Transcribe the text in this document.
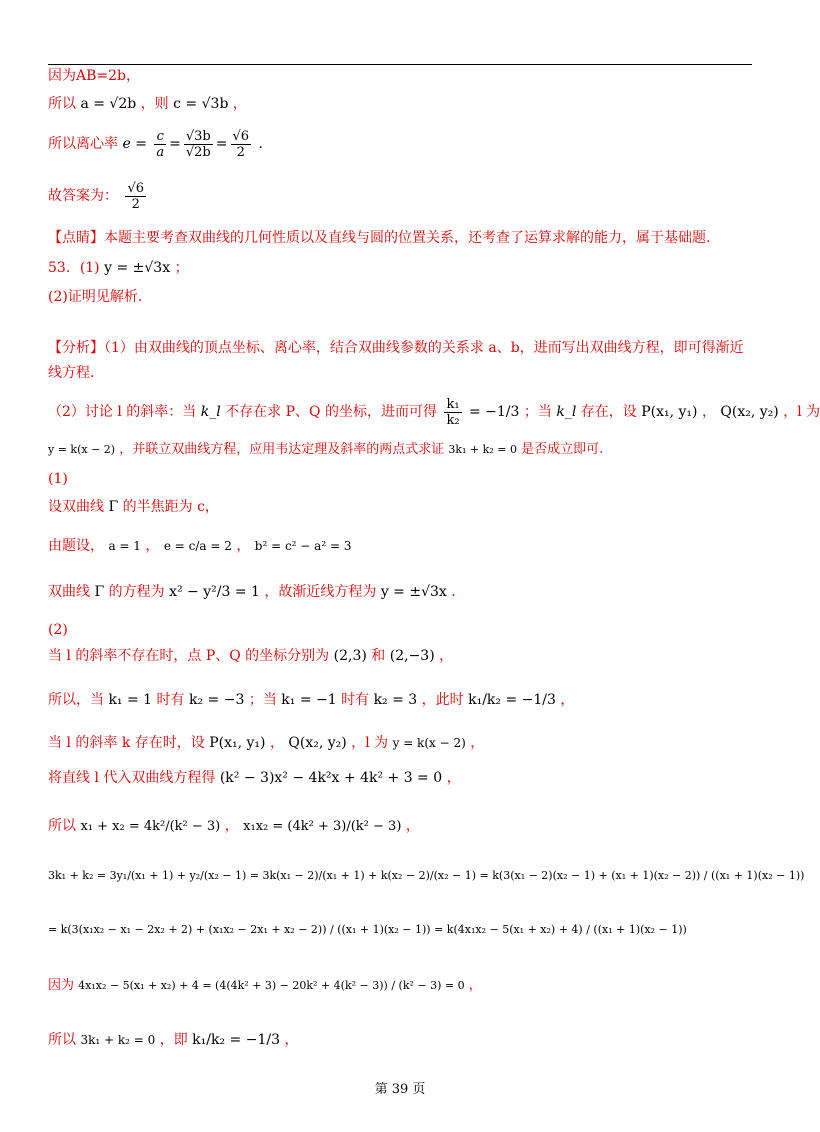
因为AB=2b，
所以 a = √2b ，则 c = √3b ，
所以离心率 $e = \frac{c}{a} = \frac{√3b}{√2b} = \frac{√6}{2}$ .
故答案为： $\frac{√6}{2}$
【点睛】本题主要考查双曲线的几何性质以及直线与圆的位置关系，还考查了运算求解的能力，属于基础题.
53．(1) y = ±√3x ；
(2)证明见解析.
【分析】（1）由双曲线的顶点坐标、离心率，结合双曲线参数的关系求 a、b，进而写出双曲线方程，即可得渐近
线方程.
（2）讨论 l 的斜率：当 k_l 不存在求 P、Q 的坐标，进而可得 $\frac{\text{k₁}}{\text{k₂}} = -1/3$ ；当 k_l 存在，设 P(x₁, y₁) ， Q(x₂, y₂) ，l 为
y = k(x − 2) ，并联立双曲线方程，应用韦达定理及斜率的两点式求证 3k₁ + k₂ = 0 是否成立即可.
(1)
设双曲线 Γ 的半焦距为 c，
由题设， a = 1 ， e = c/a = 2 ， b² = c² − a² = 3
双曲线 Γ 的方程为 x² − y²/3 = 1 ，故渐近线方程为 y = ±√3x .
(2)
当 l 的斜率不存在时，点 P、Q 的坐标分别为 (2,3) 和 (2,−3) ，
所以，当 k₁ = 1 时有 k₂ = −3 ；当 k₁ = −1 时有 k₂ = 3 ，此时 k₁/k₂ = −1/3 ，
当 l 的斜率 k 存在时，设 P(x₁, y₁) ， Q(x₂, y₂) ，l 为 y = k(x − 2) ，
将直线 l 代入双曲线方程得 (k² − 3)x² − 4k²x + 4k² + 3 = 0 ，
所以 x₁ + x₂ = 4k²/(k² − 3) ， x₁x₂ = (4k² + 3)/(k² − 3) ，
3k₁ + k₂ = 3y₁/(x₁ + 1) + y₂/(x₂ − 1) = 3k(x₁ − 2)/(x₁ + 1) + k(x₂ − 2)/(x₂ − 1) = k(3(x₁ − 2)(x₂ − 1) + (x₁ + 1)(x₂ − 2)) / ((x₁ + 1)(x₂ − 1))
= k(3(x₁x₂ − x₁ − 2x₂ + 2) + (x₁x₂ − 2x₁ + x₂ − 2)) / ((x₁ + 1)(x₂ − 1)) = k(4x₁x₂ − 5(x₁ + x₂) + 4) / ((x₁ + 1)(x₂ − 1))
因为 4x₁x₂ − 5(x₁ + x₂) + 4 = (4(4k² + 3) − 20k² + 4(k² − 3)) / (k² − 3) = 0 ，
所以 3k₁ + k₂ = 0 ，即 k₁/k₂ = −1/3 ，
第 39 页
